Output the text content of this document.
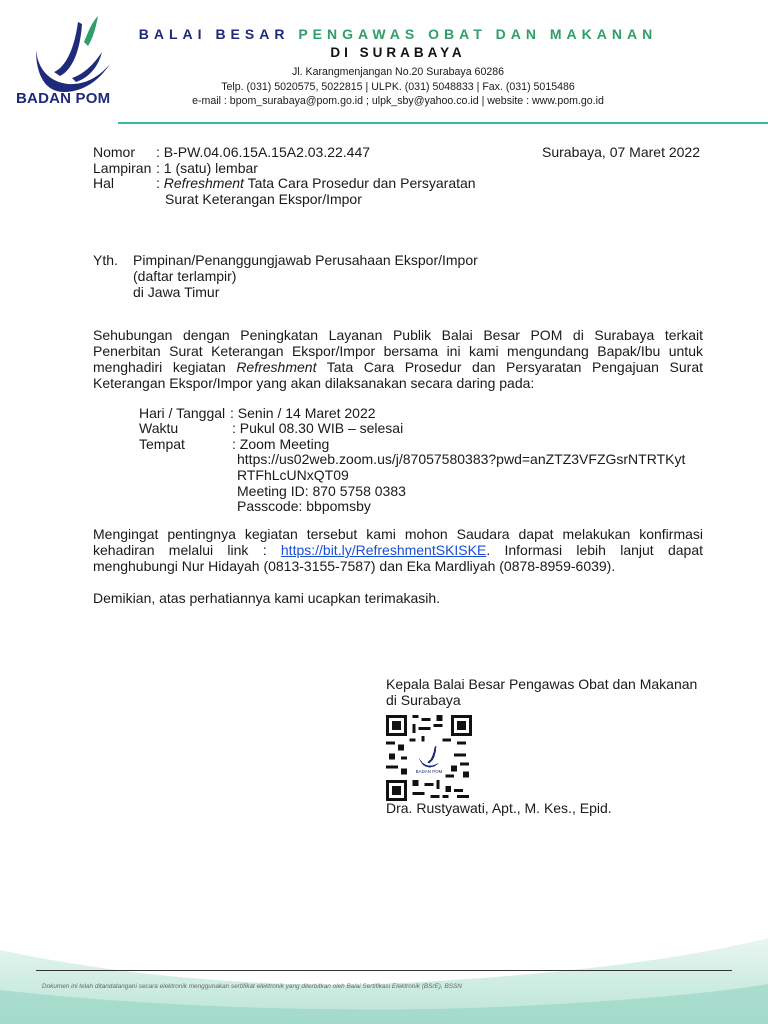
BADAN POM
BALAI BESAR PENGAWAS OBAT DAN MAKANAN
DI SURABAYA
Jl. Karangmenjangan No.20 Surabaya 60286
Telp. (031) 5020575, 5022815 | ULPK. (031) 5048833 | Fax. (031) 5015486
e-mail : bpom_surabaya@pom.go.id ; ulpk_sby@yahoo.co.id | website : www.pom.go.id
Nomor : B-PW.04.06.15A.15A2.03.22.447
Lampiran : 1 (satu) lembar
Hal	: Refreshment Tata Cara Prosedur dan Persyaratan
Surat Keterangan Ekspor/Impor
Surabaya, 07 Maret 2022
Yth. Pimpinan/Penanggungjawab Perusahaan Ekspor/Impor
(daftar terlampir)
di Jawa Timur
Sehubungan dengan Peningkatan Layanan Publik Balai Besar POM di Surabaya terkait Penerbitan Surat Keterangan Ekspor/Impor bersama ini kami mengundang Bapak/Ibu untuk menghadiri kegiatan Refreshment Tata Cara Prosedur dan Persyaratan Pengajuan Surat Keterangan Ekspor/Impor yang akan dilaksanakan secara daring pada:
Hari / Tanggal : Senin / 14 Maret 2022
Waktu	: Pukul 08.30 WIB – selesai
Tempat	: Zoom Meeting
https://us02web.zoom.us/j/87057580383?pwd=anZTZ3VFZGsrNTRTKyt
RTFhLcUNxQT09
Meeting ID: 870 5758 0383
Passcode: bbpomsby
Mengingat pentingnya kegiatan tersebut kami mohon Saudara dapat melakukan konfirmasi kehadiran melalui link : https://bit.ly/RefreshmentSKISKE. Informasi lebih lanjut dapat menghubungi Nur Hidayah (0813-3155-7587) dan Eka Mardliyah (0878-8959-6039).
Demikian, atas perhatiannya kami ucapkan terimakasih.
Kepala Balai Besar Pengawas Obat dan Makanan
di Surabaya
BADAN POM
Dra. Rustyawati, Apt., M. Kes., Epid.
Dokumen ini telah ditandatangani secara elektronik menggunakan sertifikat elektronik yang diterbitkan oleh Balai Sertifikasi Elektronik (BSrE), BSSN
